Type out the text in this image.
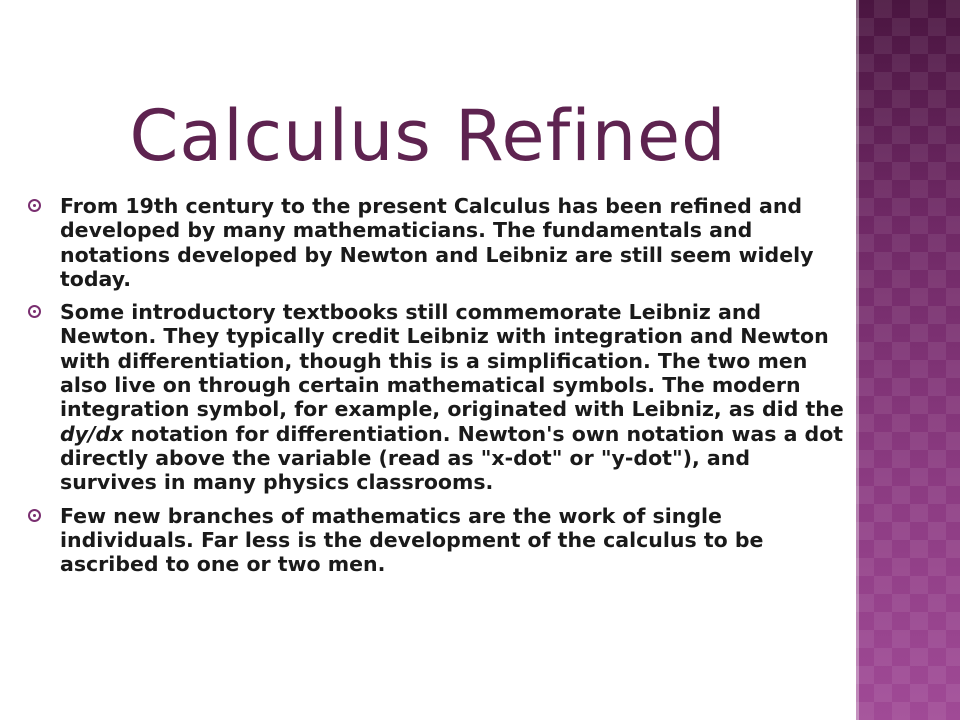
Calculus Refined
From 19th century to the present Calculus has been refined and developed by many mathematicians. The fundamentals and notations developed by Newton and Leibniz are still seem widely today.
Some introductory textbooks still commemorate Leibniz and Newton. They typically credit Leibniz with integration and Newton with differentiation, though this is a simplification. The two men also live on through certain mathematical symbols. The modern integration symbol, for example, originated with Leibniz, as did the dy/dx notation for differentiation. Newton's own notation was a dot directly above the variable (read as "x-dot" or "y-dot"), and survives in many physics classrooms.
Few new branches of mathematics are the work of single individuals. Far less is the development of the calculus to be ascribed to one or two men.
